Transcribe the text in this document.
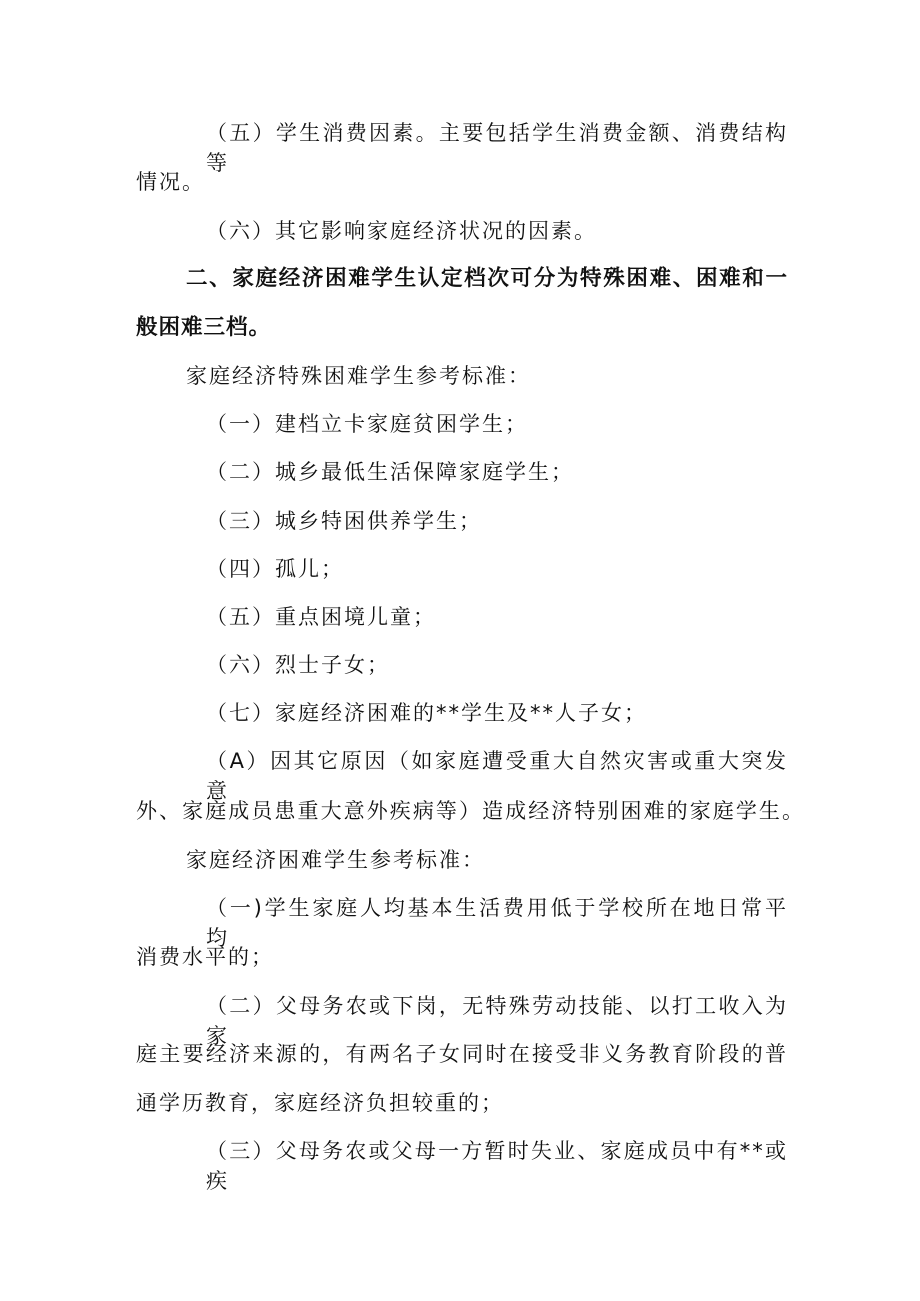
（五）学生消费因素。主要包括学生消费金额、消费结构等
情况。
（六）其它影响家庭经济状况的因素。
二、家庭经济困难学生认定档次可分为特殊困难、困难和一
般困难三档。
家庭经济特殊困难学生参考标准：
（一）建档立卡家庭贫困学生；
（二）城乡最低生活保障家庭学生；
（三）城乡特困供养学生；
（四）孤儿；
（五）重点困境儿童；
（六）烈士子女；
（七）家庭经济困难的**学生及**人子女；
（A）因其它原因（如家庭遭受重大自然灾害或重大突发意
外、家庭成员患重大意外疾病等）造成经济特别困难的家庭学生。
家庭经济困难学生参考标准：
（一)学生家庭人均基本生活费用低于学校所在地日常平均
消费水平的；
（二）父母务农或下岗，无特殊劳动技能、以打工收入为家
庭主要经济来源的，有两名子女同时在接受非义务教育阶段的普
通学历教育，家庭经济负担较重的；
（三）父母务农或父母一方暂时失业、家庭成员中有**或疾
